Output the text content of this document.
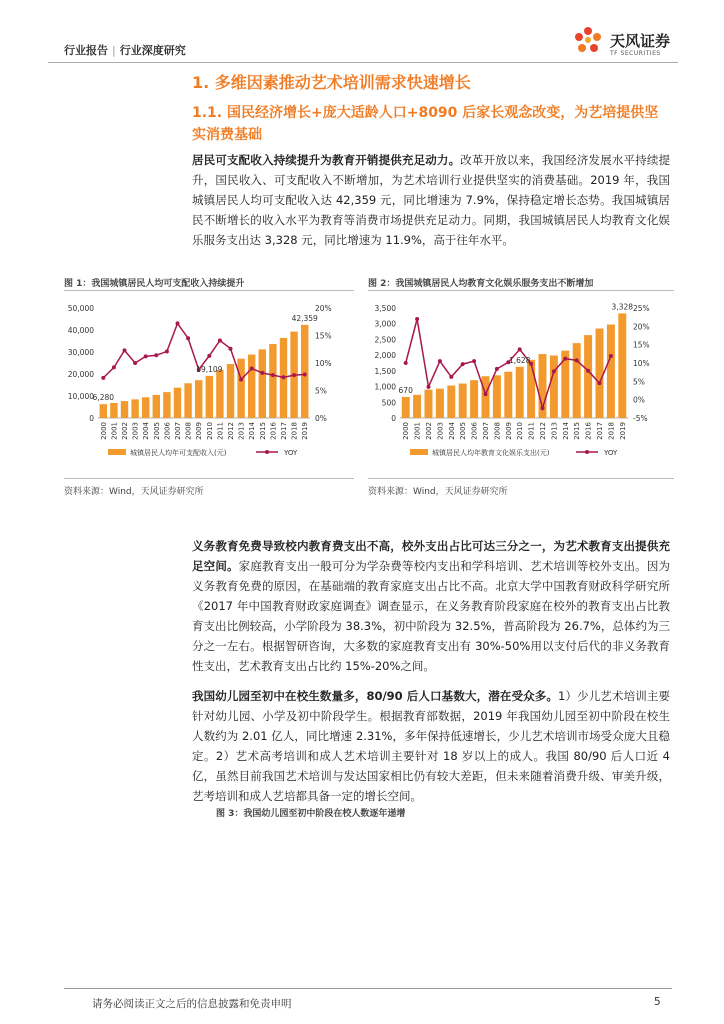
行业报告 | 行业深度研究
天风证券
TF SECURITIES
1. 多维因素推动艺术培训需求快速增长
1.1. 国民经济增长+庞大适龄人口+8090 后家长观念改变，为艺培提供坚实消费基础
居民可支配收入持续提升为教育开销提供充足动力。改革开放以来，我国经济发展水平持续提升，国民收入、可支配收入不断增加，为艺术培训行业提供坚实的消费基础。2019 年，我国城镇居民人均可支配收入达 42,359 元，同比增速为 7.9%，保持稳定增长态势。我国城镇居民不断增长的收入水平为教育等消费市场提供充足动力。同期，我国城镇居民人均教育文化娱乐服务支出达 3,328 元，同比增速为 11.9%，高于往年水平。
图 1：我国城镇居民人均可支配收入持续提升	图 2：我国城镇居民人均教育文化娱乐服务支出不断增加
0
10,000
20,000
30,000
40,000
50,000
0%
5%
10%
15%
20%
2000 2001 2002 2003 2004 2005 2006 2007 2008 2009 2010 2011 2012 2013 2014 2015 2016 2017 2018 2019
6,280
19,109
42,359
城镇居民人均年可支配收入(元)	YOY
0
500
1,000
1,500
2,000
2,500
3,000
3,500
-5%
0%
5%
10%
15%
20%
25%
2000 2001 2002 2003 2004 2005 2006 2007 2008 2009 2010 2011 2012 2013 2014 2015 2016 2017 2018 2019
670
1,628
3,328
城镇居民人均年教育文化娱乐支出(元)	YOY
资料来源：Wind，天风证券研究所	资料来源：Wind，天风证券研究所
义务教育免费导致校内教育费支出不高，校外支出占比可达三分之一，为艺术教育支出提供充足空间。家庭教育支出一般可分为学杂费等校内支出和学科培训、艺术培训等校外支出。因为义务教育免费的原因，在基础端的教育家庭支出占比不高。北京大学中国教育财政科学研究所《2017 年中国教育财政家庭调查》调查显示，在义务教育阶段家庭在校外的教育支出占比教育支出比例较高，小学阶段为 38.3%，初中阶段为 32.5%，普高阶段为 26.7%，总体约为三分之一左右。根据智研咨询，大多数的家庭教育支出有 30%-50%用以支付后代的非义务教育性支出，艺术教育支出占比约 15%-20%之间。
我国幼儿园至初中在校生数量多，80/90 后人口基数大，潜在受众多。1）少儿艺术培训主要针对幼儿园、小学及初中阶段学生。根据教育部数据，2019 年我国幼儿园至初中阶段在校生人数约为 2.01 亿人，同比增速 2.31%，多年保持低速增长，少儿艺术培训市场受众庞大且稳定。2）艺术高考培训和成人艺术培训主要针对 18 岁以上的成人。我国 80/90 后人口近 4 亿，虽然目前我国艺术培训与发达国家相比仍有较大差距，但未来随着消费升级、审美升级，艺考培训和成人艺培都具备一定的增长空间。
图 3：我国幼儿园至初中阶段在校人数逐年递增
请务必阅读正文之后的信息披露和免责申明	5
